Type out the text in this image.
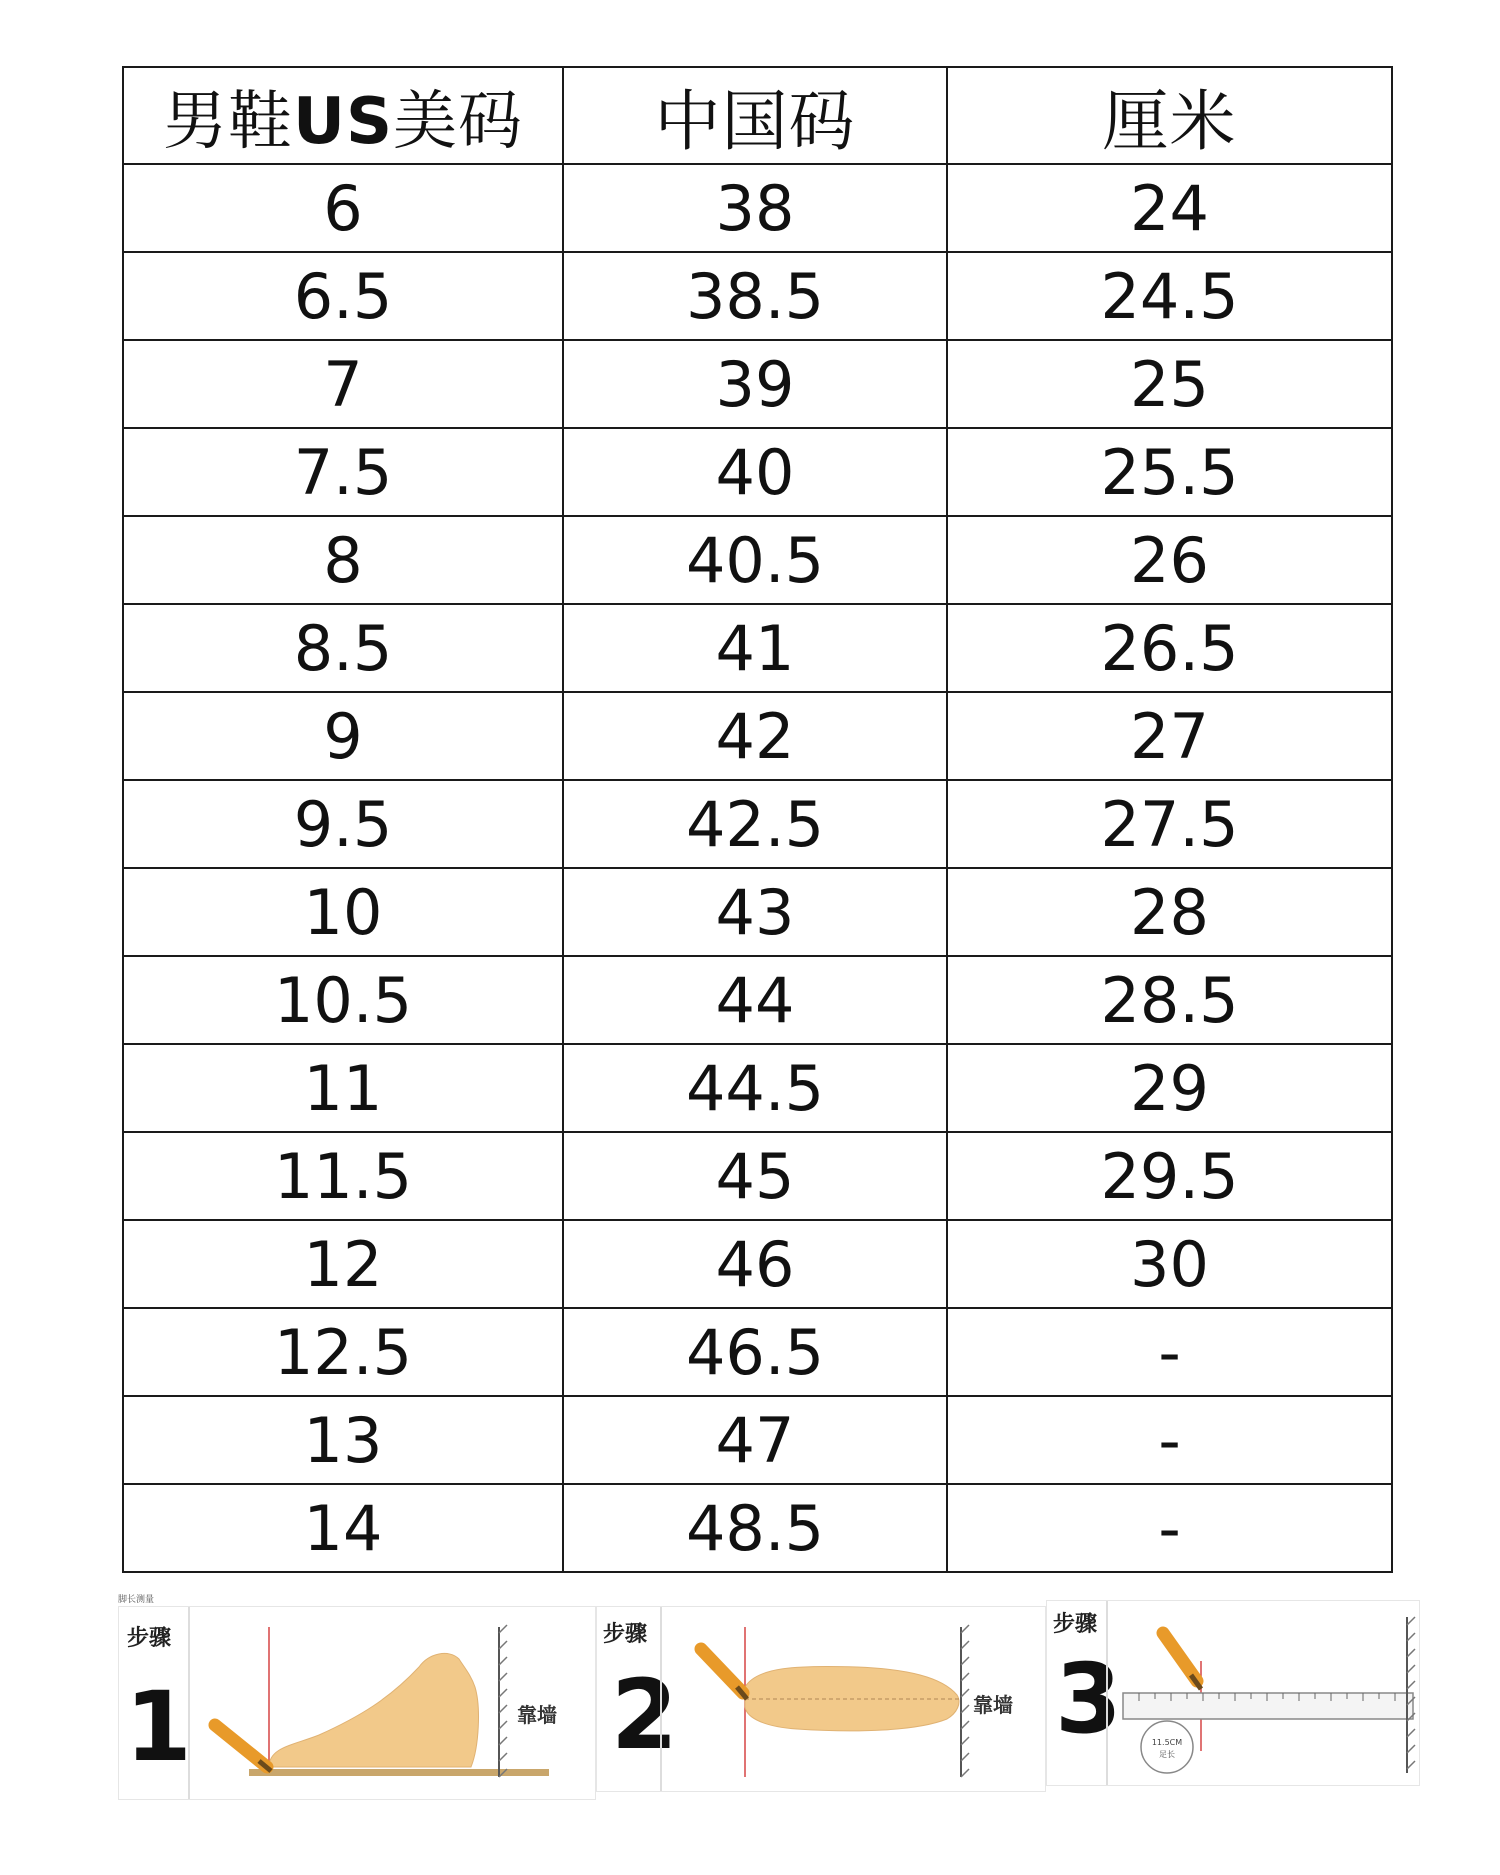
男鞋US美码	中国码	厘米
6	38	24
6.5	38.5	24.5
7	39	25
7.5	40	25.5
8	40.5	26
8.5	41	26.5
9	42	27
9.5	42.5	27.5
10	43	28
10.5	44	28.5
11	44.5	29
11.5	45	29.5
12	46	30
12.5	46.5	-
13	47	-
14	48.5	-
脚长测量
步骤
1	靠墙
步骤
2	靠墙
步骤
3	11.5CM
足长
